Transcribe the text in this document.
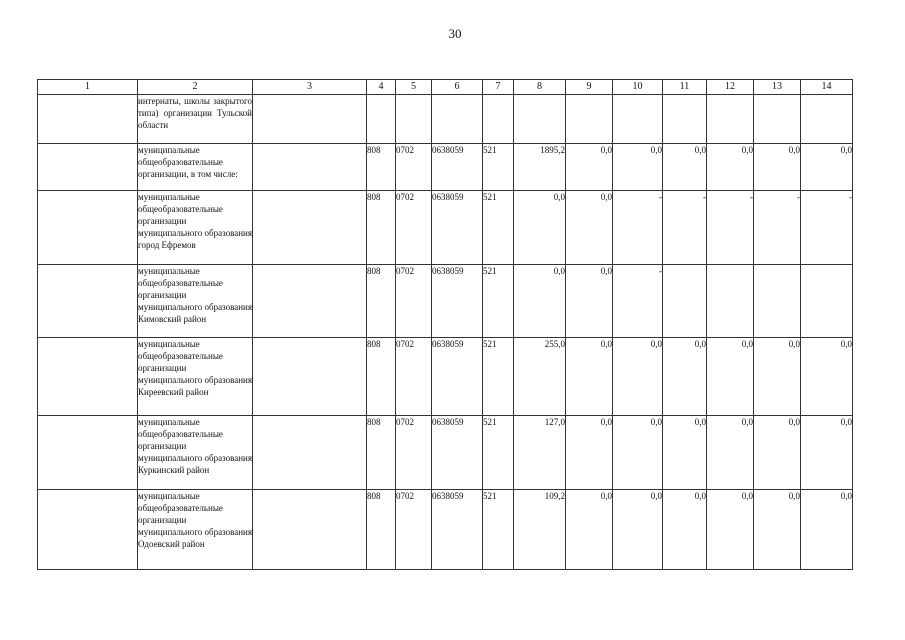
30
1	2	3	4	5	6	7	8	9	10	11	12	13	14
	интернаты, школы закрытого типа) организации Тульской области												
	муниципальные общеобразовательные организации, в том числе:		808	0702	0638059	521	1895,2	0,0	0,0	0,0	0,0	0,0	0,0
	муниципальные общеобразовательные организации муниципального образования город Ефремов		808	0702	0638059	521	0,0	0,0	-	-	-	-	-
	муниципальные общеобразовательные организации муниципального образования Кимовский район		808	0702	0638059	521	0,0	0,0	-				
	муниципальные общеобразовательные организации муниципального образования Киреевский район		808	0702	0638059	521	255,0	0,0	0,0	0,0	0,0	0,0	0,0
	муниципальные общеобразовательные организации муниципального образования Куркинский район		808	0702	0638059	521	127,0	0,0	0,0	0,0	0,0	0,0	0,0
	муниципальные общеобразовательные организации муниципального образования Одоевский район		808	0702	0638059	521	109,2	0,0	0,0	0,0	0,0	0,0	0,0
